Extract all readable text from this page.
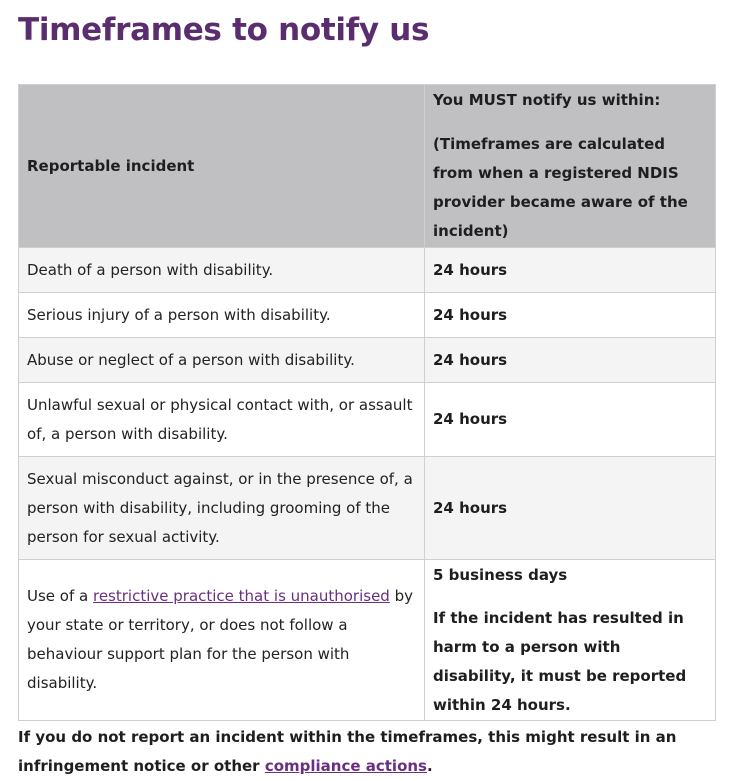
Timeframes to notify us
Reportable incident	You MUST notify us within:

(Timeframes are calculated from when a registered NDIS provider became aware of the incident)

Death of a person with disability.	24 hours
Serious injury of a person with disability.	24 hours
Abuse or neglect of a person with disability.	24 hours
Unlawful sexual or physical contact with, or assault of, a person with disability.	24 hours
Sexual misconduct against, or in the presence of, a person with disability, including grooming of the person for sexual activity.	24 hours
Use of a restrictive practice that is unauthorised by your state or territory, or does not follow a behaviour support plan for the person with disability.	5 business days

If the incident has resulted in harm to a person with disability, it must be reported within 24 hours.

If you do not report an incident within the timeframes, this might result in an infringement notice or other compliance actions.
